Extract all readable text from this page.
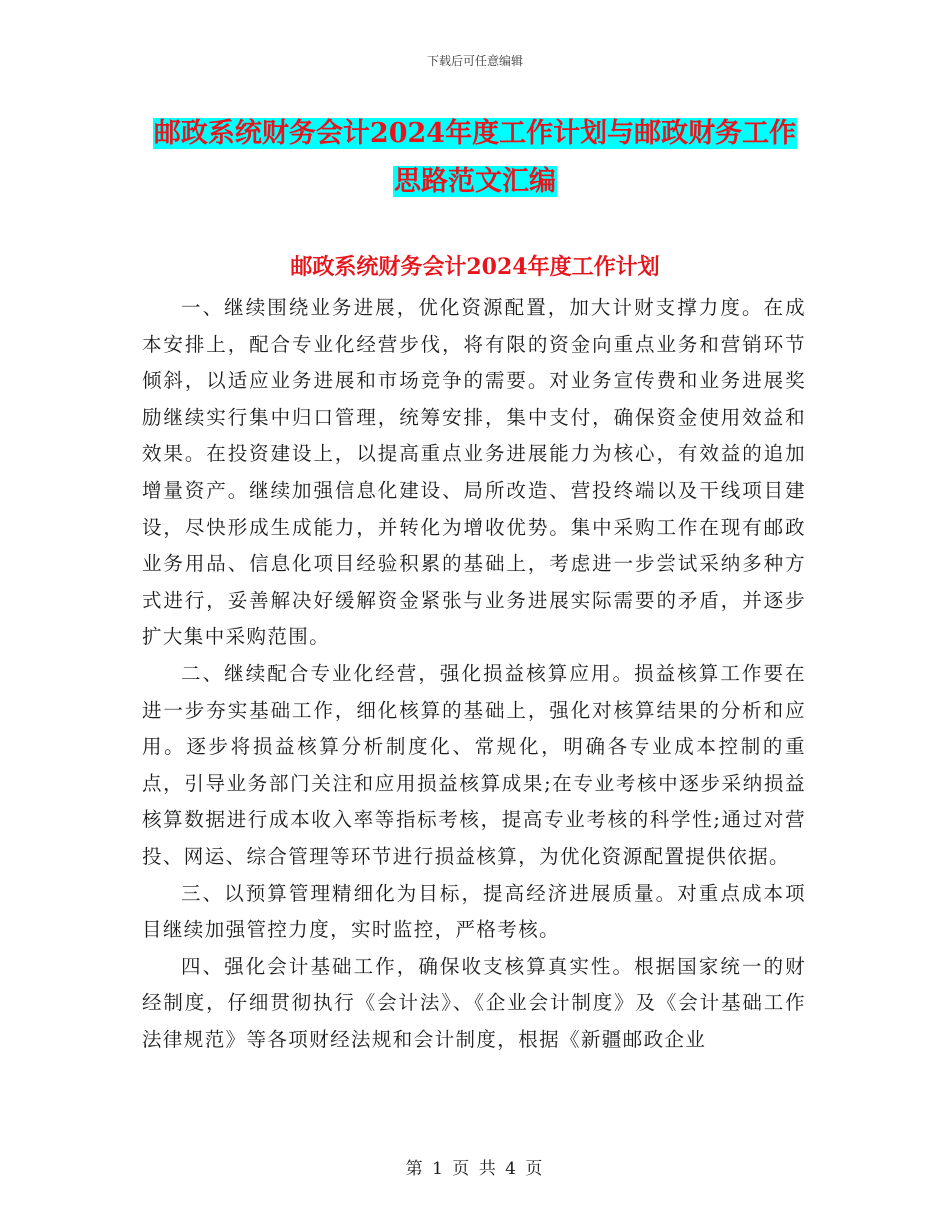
下载后可任意编辑
邮政系统财务会计2024年度工作计划与邮政财务工作
思路范文汇编
邮政系统财务会计2024年度工作计划

一、继续围绕业务进展，优化资源配置，加大计财支撑力度。在成本安排上，配合专业化经营步伐，将有限的资金向重点业务和营销环节倾斜，以适应业务进展和市场竞争的需要。对业务宣传费和业务进展奖励继续实行集中归口管理，统筹安排，集中支付，确保资金使用效益和效果。在投资建设上，以提高重点业务进展能力为核心，有效益的追加增量资产。继续加强信息化建设、局所改造、营投终端以及干线项目建设，尽快形成生成能力，并转化为增收优势。集中采购工作在现有邮政业务用品、信息化项目经验积累的基础上，考虑进一步尝试采纳多种方式进行，妥善解决好缓解资金紧张与业务进展实际需要的矛盾，并逐步扩大集中采购范围。

二、继续配合专业化经营，强化损益核算应用。损益核算工作要在进一步夯实基础工作，细化核算的基础上，强化对核算结果的分析和应用。逐步将损益核算分析制度化、常规化，明确各专业成本控制的重点，引导业务部门关注和应用损益核算成果;在专业考核中逐步采纳损益核算数据进行成本收入率等指标考核，提高专业考核的科学性;通过对营投、网运、综合管理等环节进行损益核算，为优化资源配置提供依据。

三、以预算管理精细化为目标，提高经济进展质量。对重点成本项目继续加强管控力度，实时监控，严格考核。

四、强化会计基础工作，确保收支核算真实性。根据国家统一的财经制度，仔细贯彻执行《会计法》、《企业会计制度》及《会计基础工作法律规范》等各项财经法规和会计制度，根据《新疆邮政企业

第 1 页 共 4 页
